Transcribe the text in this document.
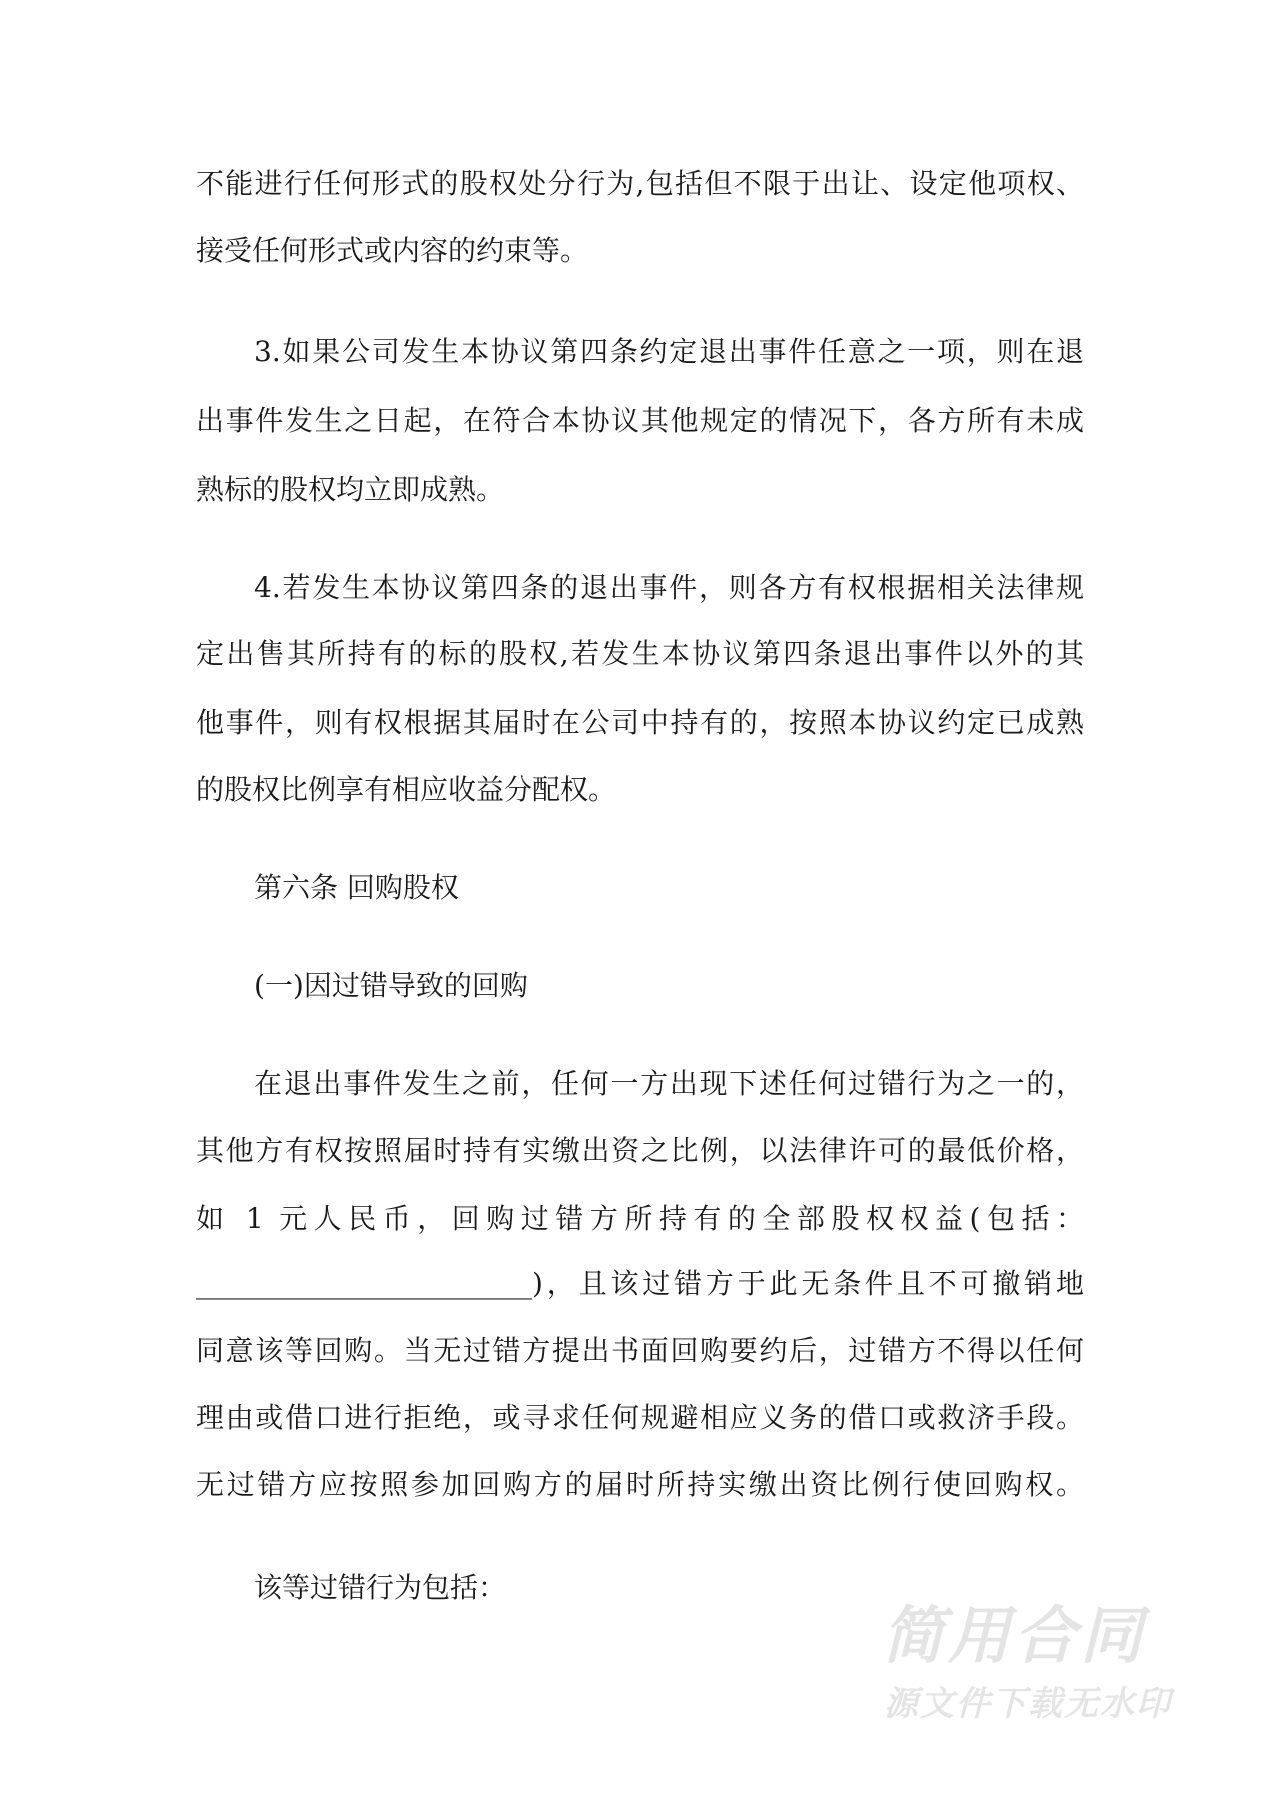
不能进行任何形式的股权处分行为,包括但不限于出让、设定他项权、
接受任何形式或内容的约束等。
3.如果公司发生本协议第四条约定退出事件任意之一项，则在退
出事件发生之日起，在符合本协议其他规定的情况下，各方所有未成
熟标的股权均立即成熟。
4.若发生本协议第四条的退出事件，则各方有权根据相关法律规
定出售其所持有的标的股权,若发生本协议第四条退出事件以外的其
他事件，则有权根据其届时在公司中持有的，按照本协议约定已成熟
的股权比例享有相应收益分配权。
第六条 回购股权
(一)因过错导致的回购
在退出事件发生之前，任何一方出现下述任何过错行为之一的，
其他方有权按照届时持有实缴出资之比例，以法律许可的最低价格，
如 1 元人民币，回购过错方所持有的全部股权权益(包括：
________________________)，且该过错方于此无条件且不可撤销地
同意该等回购。当无过错方提出书面回购要约后，过错方不得以任何
理由或借口进行拒绝，或寻求任何规避相应义务的借口或救济手段。
无过错方应按照参加回购方的届时所持实缴出资比例行使回购权。
该等过错行为包括：
简用合同
源文件下载无水印
